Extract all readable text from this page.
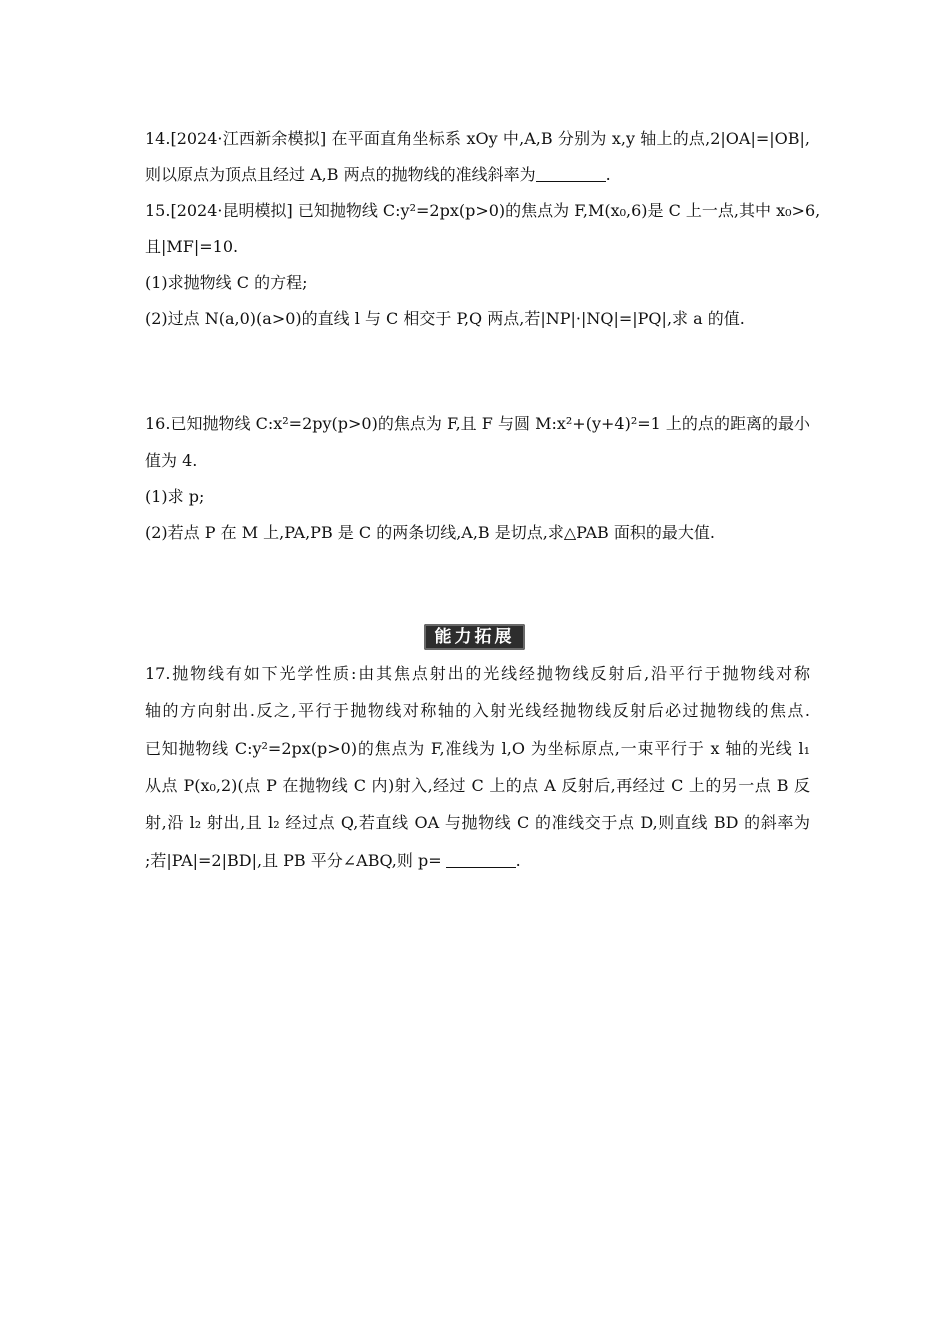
14.[2024·江西新余模拟] 在平面直角坐标系 xOy 中,A,B 分别为 x,y 轴上的点,2|OA|=|OB|,
则以原点为顶点且经过 A,B 两点的抛物线的准线斜率为	.
15.[2024·昆明模拟] 已知抛物线 C:y²=2px(p>0)的焦点为 F,M(x₀,6)是 C 上一点,其中 x₀>6,
且|MF|=10.
(1)求抛物线 C 的方程;
(2)过点 N(a,0)(a>0)的直线 l 与 C 相交于 P,Q 两点,若|NP|·|NQ|=|PQ|,求 a 的值.
16.已知抛物线 C:x²=2py(p>0)的焦点为 F,且 F 与圆 M:x²+(y+4)²=1 上的点的距离的最小
值为 4.
(1)求 p;
(2)若点 P 在 M 上,PA,PB 是 C 的两条切线,A,B 是切点,求△PAB 面积的最大值.
能力拓展
17.抛物线有如下光学性质:由其焦点射出的光线经抛物线反射后,沿平行于抛物线对称
轴的方向射出.反之,平行于抛物线对称轴的入射光线经抛物线反射后必过抛物线的焦点.
已知抛物线 C:y²=2px(p>0)的焦点为 F,准线为 l,O 为坐标原点,一束平行于 x 轴的光线 l₁
从点 P(x₀,2)(点 P 在抛物线 C 内)射入,经过 C 上的点 A 反射后,再经过 C 上的另一点 B 反
射,沿 l₂ 射出,且 l₂ 经过点 Q,若直线 OA 与抛物线 C 的准线交于点 D,则直线 BD 的斜率为
;若|PA|=2|BD|,且 PB 平分∠ABQ,则 p=	.
